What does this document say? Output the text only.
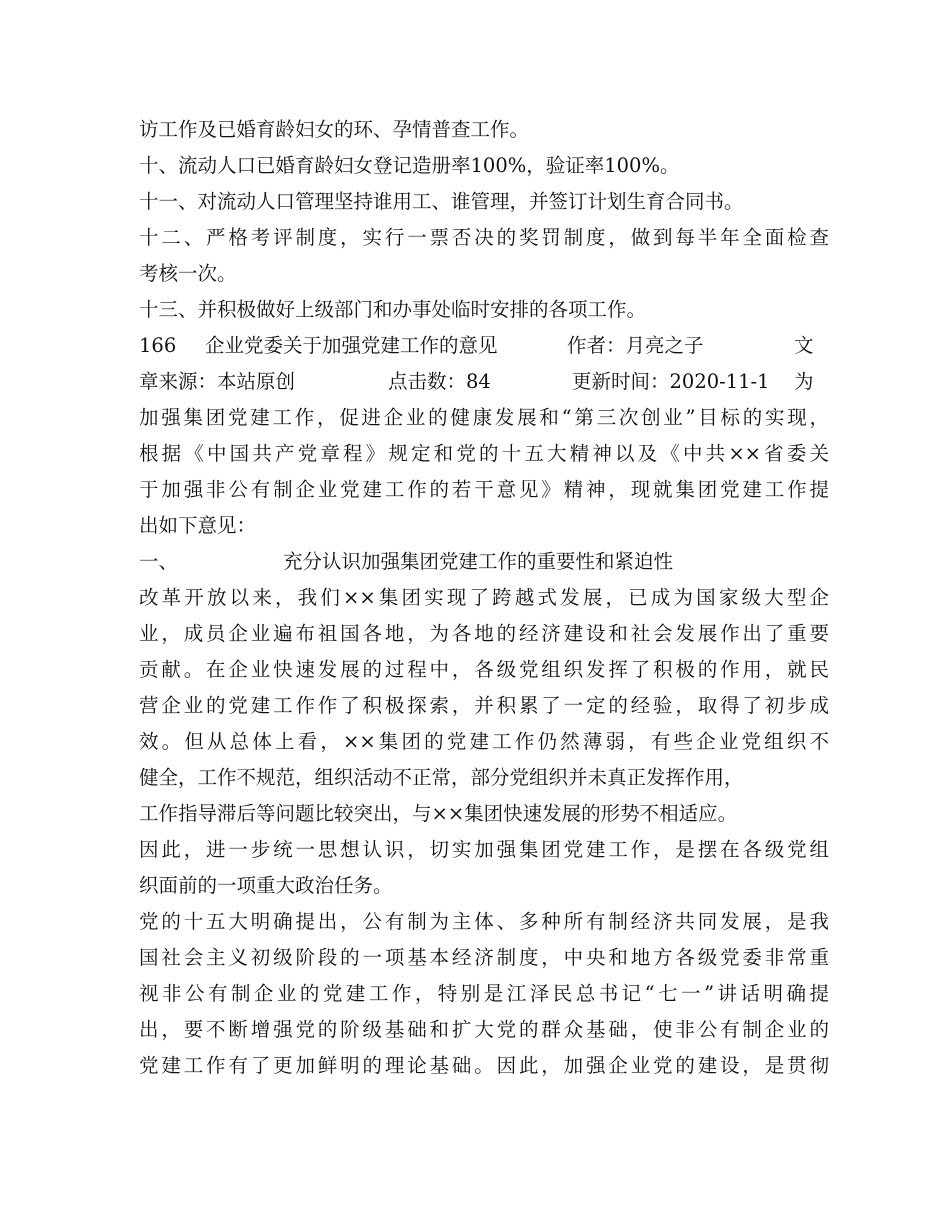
访工作及已婚育龄妇女的环、孕情普查工作。
十、流动人口已婚育龄妇女登记造册率100%，验证率100%。
十一、对流动人口管理坚持谁用工、谁管理，并签订计划生育合同书。
十二、严格考评制度，实行一票否决的奖罚制度，做到每半年全面检查
考核一次。
十三、并积极做好上级部门和办事处临时安排的各项工作。
166 企业党委关于加强党建工作的意见	作者：月亮之子	文
章来源：本站原创	点击数：84	更新时间：2020-11-1 为
加强集团党建工作，促进企业的健康发展和“第三次创业”目标的实现，
根据《中国共产党章程》规定和党的十五大精神以及《中共××省委关
于加强非公有制企业党建工作的若干意见》精神，现就集团党建工作提
出如下意见：
一、	充分认识加强集团党建工作的重要性和紧迫性
改革开放以来，我们××集团实现了跨越式发展，已成为国家级大型企
业，成员企业遍布祖国各地，为各地的经济建设和社会发展作出了重要
贡献。在企业快速发展的过程中，各级党组织发挥了积极的作用，就民
营企业的党建工作作了积极探索，并积累了一定的经验，取得了初步成
效。但从总体上看，××集团的党建工作仍然薄弱，有些企业党组织不
健全，工作不规范，组织活动不正常，部分党组织并未真正发挥作用，
工作指导滞后等问题比较突出，与××集团快速发展的形势不相适应。
因此，进一步统一思想认识，切实加强集团党建工作，是摆在各级党组
织面前的一项重大政治任务。
党的十五大明确提出，公有制为主体、多种所有制经济共同发展，是我
国社会主义初级阶段的一项基本经济制度，中央和地方各级党委非常重
视非公有制企业的党建工作，特别是江泽民总书记“七一”讲话明确提
出，要不断增强党的阶级基础和扩大党的群众基础，使非公有制企业的
党建工作有了更加鲜明的理论基础。因此，加强企业党的建设，是贯彻
